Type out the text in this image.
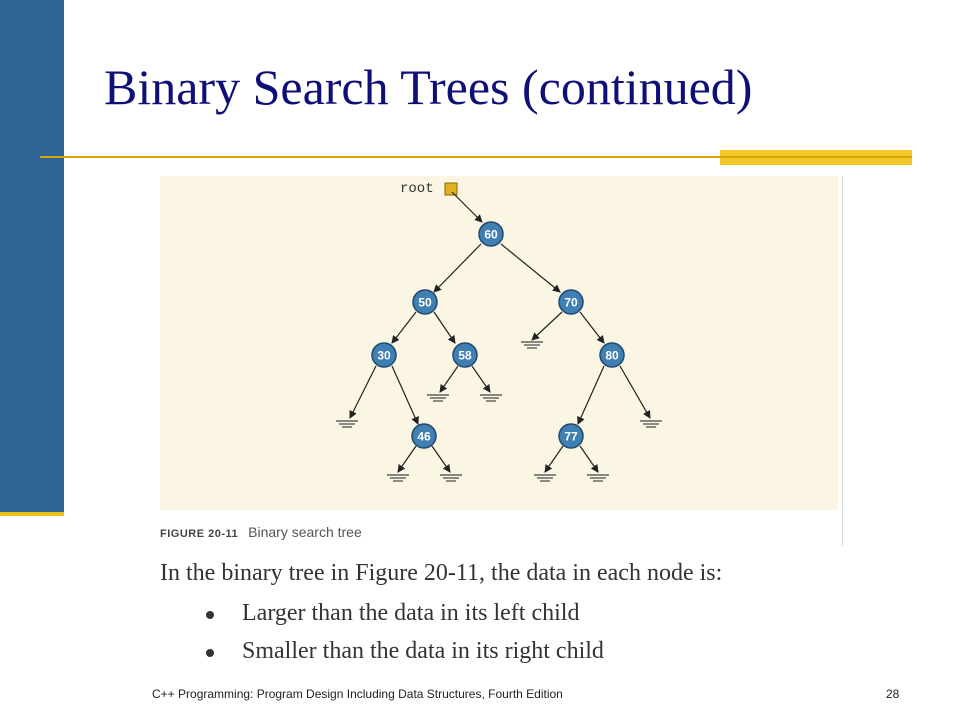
Binary Search Trees (continued)
root
60
50	70
30	58	80
46	77
FIGURE 20-11 Binary search tree
In the binary tree in Figure 20-11, the data in each node is:
Larger than the data in its left child
Smaller than the data in its right child
C++ Programming: Program Design Including Data Structures, Fourth Edition	28
